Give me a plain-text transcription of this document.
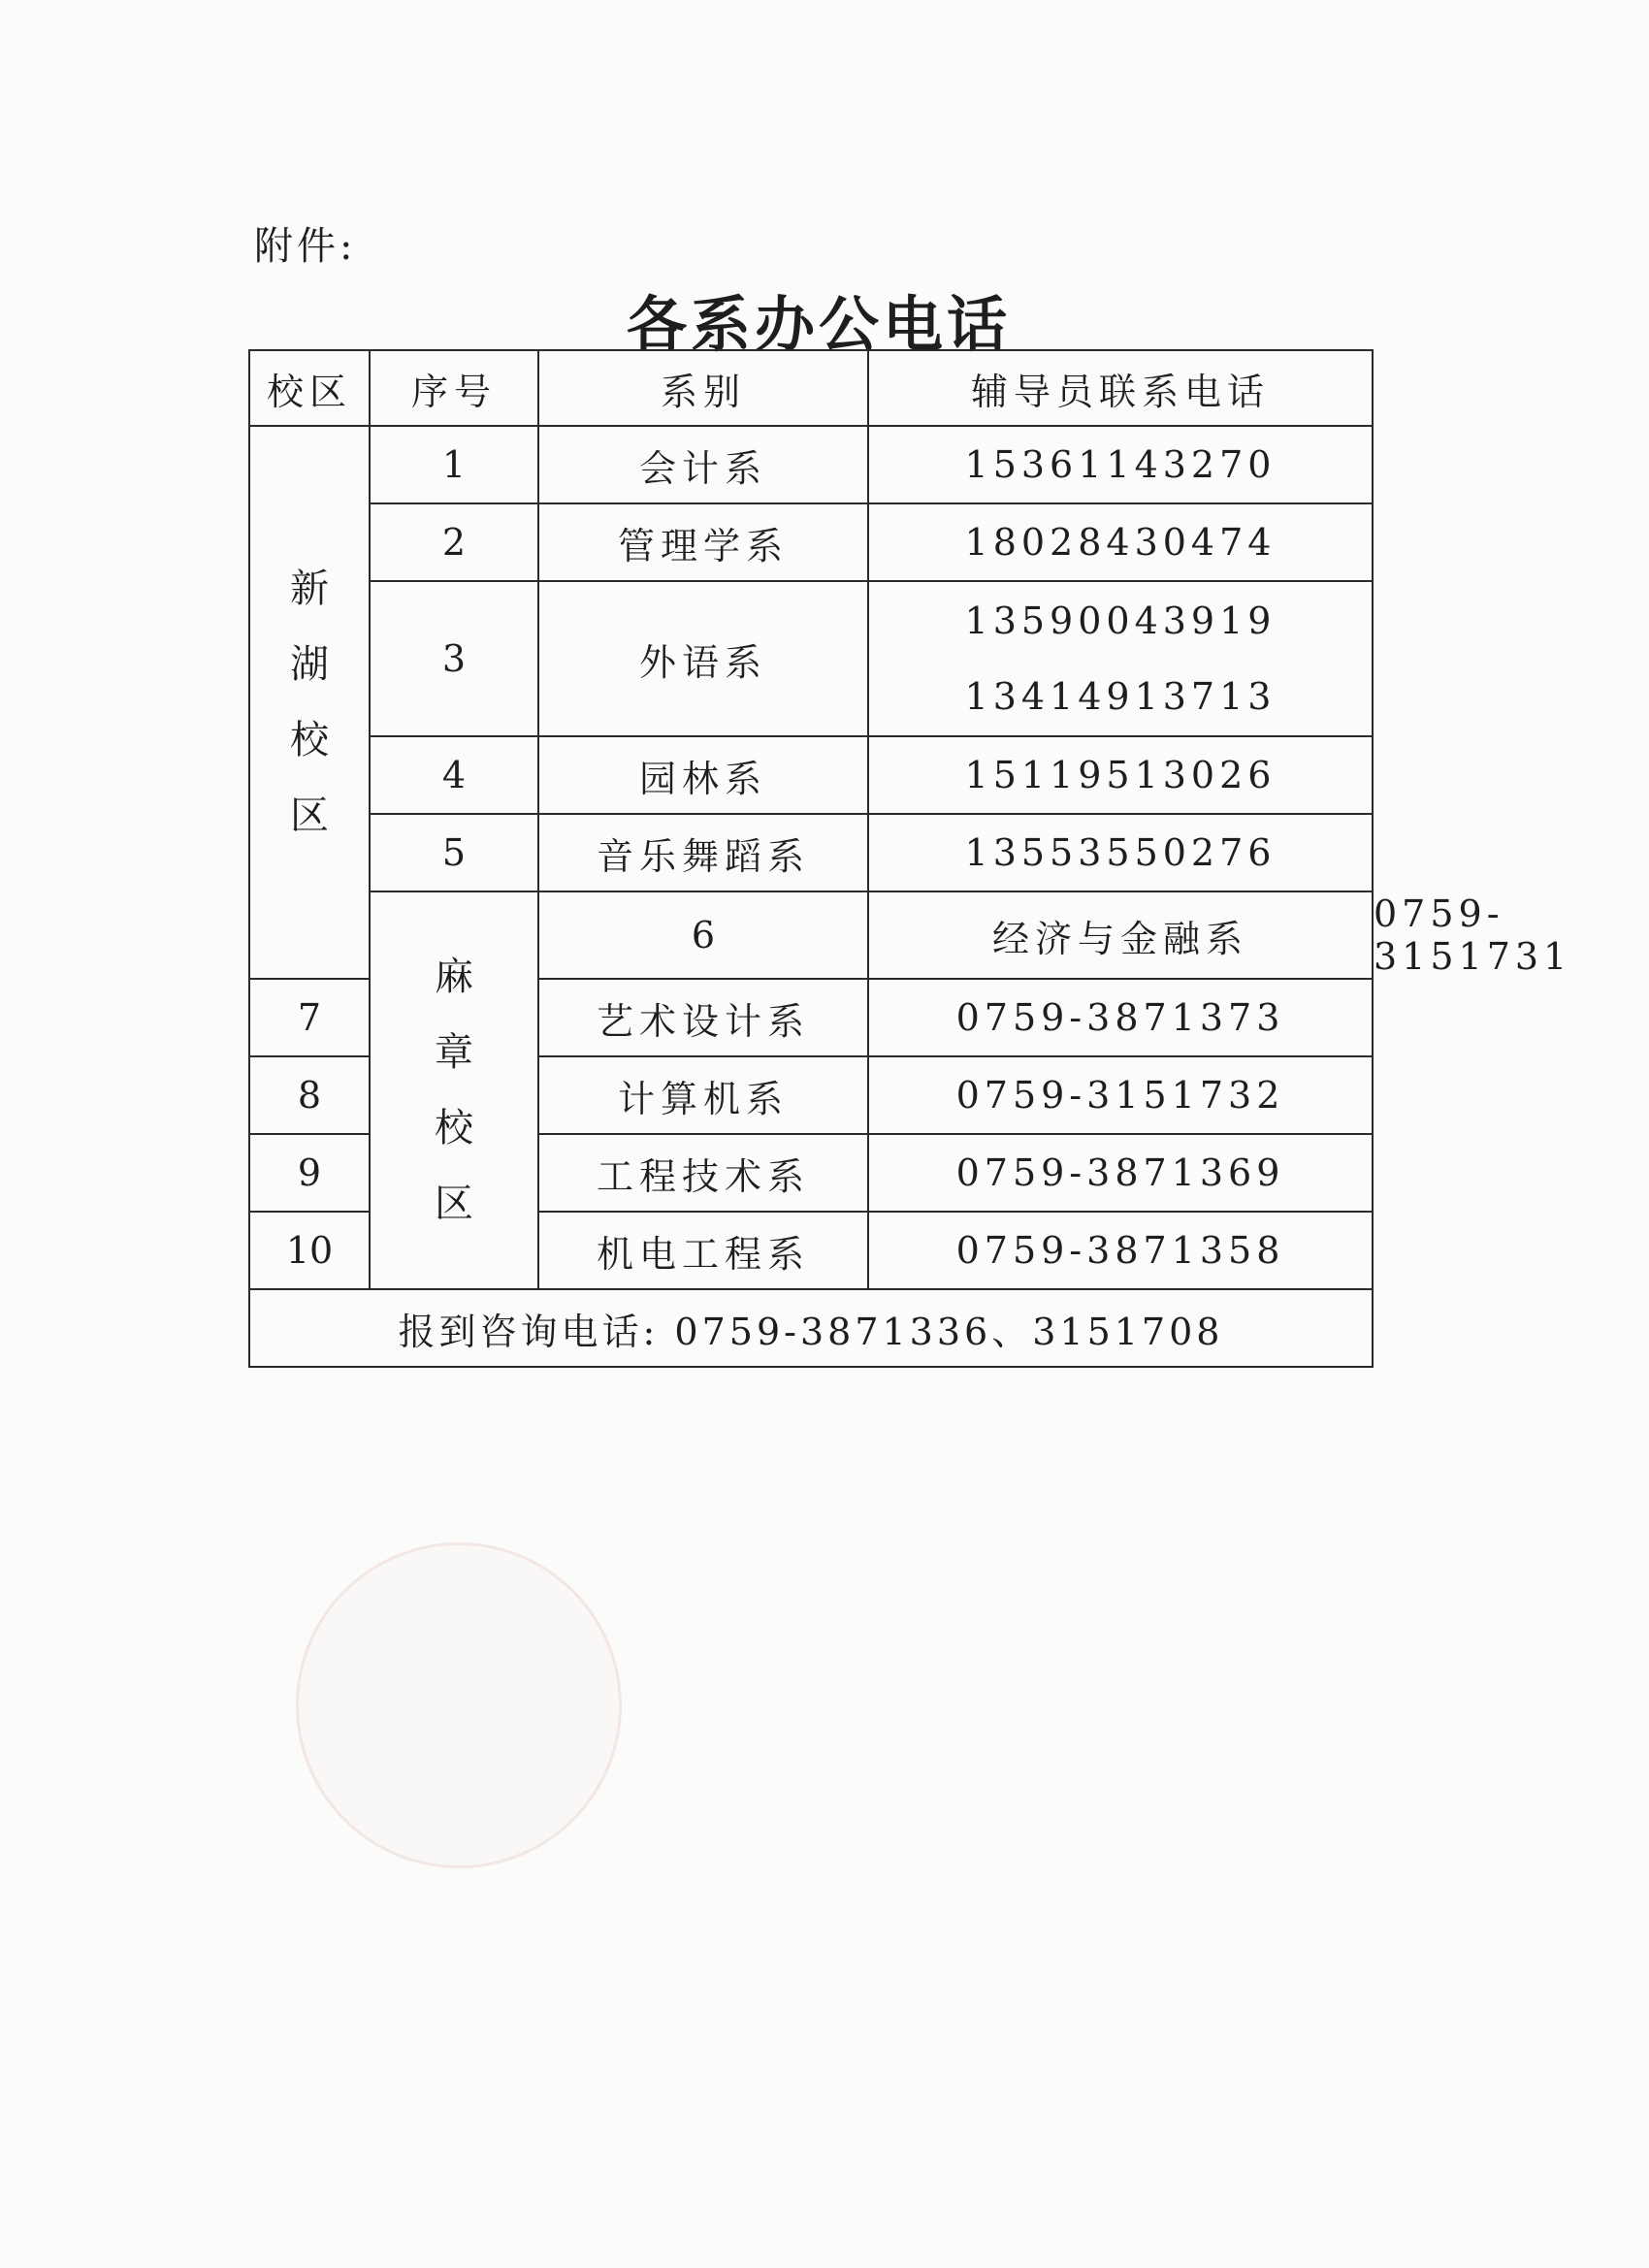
附件:
各系办公电话
校区	序号	系别	辅导员联系电话	

新
湖
校
区	1	会计系	15361143270	
	2	管理学系	18028430474	
	3	外语系	13590043919
13414913713	

	4	园林系	15119513026	
	5	音乐舞蹈系	13553550276	

	麻
章
校
区	6	经济与金融系	0759-3151731
7		艺术设计系	0759-3871373	
8		计算机系	0759-3151732	
9		工程技术系	0759-3871369	
10		机电工程系	0759-3871358	
报到咨询电话: 0759-3871336、3151708				
